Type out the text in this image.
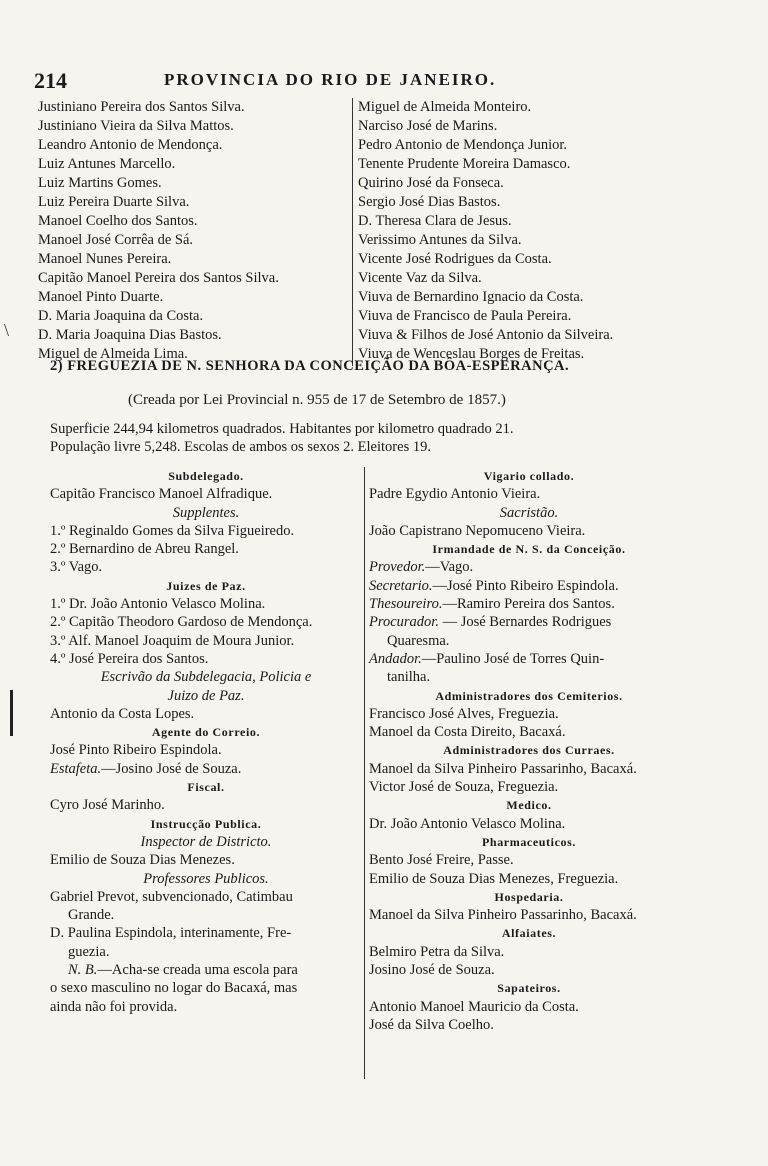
214	PROVINCIA DO RIO DE JANEIRO.
\
Justiniano Pereira dos Santos Silva.
Justiniano Vieira da Silva Mattos.
Leandro Antonio de Mendonça.
Luiz Antunes Marcello.
Luiz Martins Gomes.
Luiz Pereira Duarte Silva.
Manoel Coelho dos Santos.
Manoel José Corrêa de Sá.
Manoel Nunes Pereira.
Capitão Manoel Pereira dos Santos Silva.
Manoel Pinto Duarte.
D. Maria Joaquina da Costa.
D. Maria Joaquina Dias Bastos.
Miguel de Almeida Lima.
Miguel de Almeida Monteiro.
Narciso José de Marins.
Pedro Antonio de Mendonça Junior.
Tenente Prudente Moreira Damasco.
Quirino José da Fonseca.
Sergio José Dias Bastos.
D. Theresa Clara de Jesus.
Verissimo Antunes da Silva.
Vicente José Rodrigues da Costa.
Vicente Vaz da Silva.
Viuva de Bernardino Ignacio da Costa.
Viuva de Francisco de Paula Pereira.
Viuva & Filhos de José Antonio da Silveira.
Viuva de Wenceslau Borges de Freitas.
2) FREGUEZIA DE N. SENHORA DA CONCEIÇÃO DA BÔA-ESPERANÇA.
(Creada por Lei Provincial n. 955 de 17 de Setembro de 1857.)
Superficie 244,94 kilometros quadrados. Habitantes por kilometro quadrado 21.
População livre 5,248. Escolas de ambos os sexos 2. Eleitores 19.
Subdelegado.
Capitão Francisco Manoel Alfradique.
Supplentes.
1.º Reginaldo Gomes da Silva Figueiredo.
2.º Bernardino de Abreu Rangel.
3.º Vago.
Juizes de Paz.
1.º Dr. João Antonio Velasco Molina.
2.º Capitão Theodoro Gardoso de Mendonça.
3.º Alf. Manoel Joaquim de Moura Junior.
4.º José Pereira dos Santos.
Escrivão da Subdelegacia, Policia e
Juizo de Paz.
Antonio da Costa Lopes.
Agente do Correio.
José Pinto Ribeiro Espindola.
Estafeta.—Josino José de Souza.
Fiscal.
Cyro José Marinho.
Instrucção Publica.
Inspector de Districto.
Emilio de Souza Dias Menezes.
Professores Publicos.
Gabriel Prevot, subvencionado, Catimbau
Grande.
D. Paulina Espindola, interinamente, Fre-
guezia.
N. B.—Acha-se creada uma escola para
o sexo masculino no logar do Bacaxá, mas
ainda não foi provida.
Vigario collado.
Padre Egydio Antonio Vieira.
Sacristão.
João Capistrano Nepomuceno Vieira.
Irmandade de N. S. da Conceição.
Provedor.—Vago.
Secretario.—José Pinto Ribeiro Espindola.
Thesoureiro.—Ramiro Pereira dos Santos.
Procurador. — José Bernardes Rodrigues
Quaresma.
Andador.—Paulino José de Torres Quin-
tanilha.
Administradores dos Cemiterios.
Francisco José Alves, Freguezia.
Manoel da Costa Direito, Bacaxá.
Administradores dos Curraes.
Manoel da Silva Pinheiro Passarinho, Bacaxá.
Victor José de Souza, Freguezia.
Medico.
Dr. João Antonio Velasco Molina.
Pharmaceuticos.
Bento José Freire, Passe.
Emilio de Souza Dias Menezes, Freguezia.
Hospedaria.
Manoel da Silva Pinheiro Passarinho, Bacaxá.
Alfaiates.
Belmiro Petra da Silva.
Josino José de Souza.
Sapateiros.
Antonio Manoel Mauricio da Costa.
José da Silva Coelho.
